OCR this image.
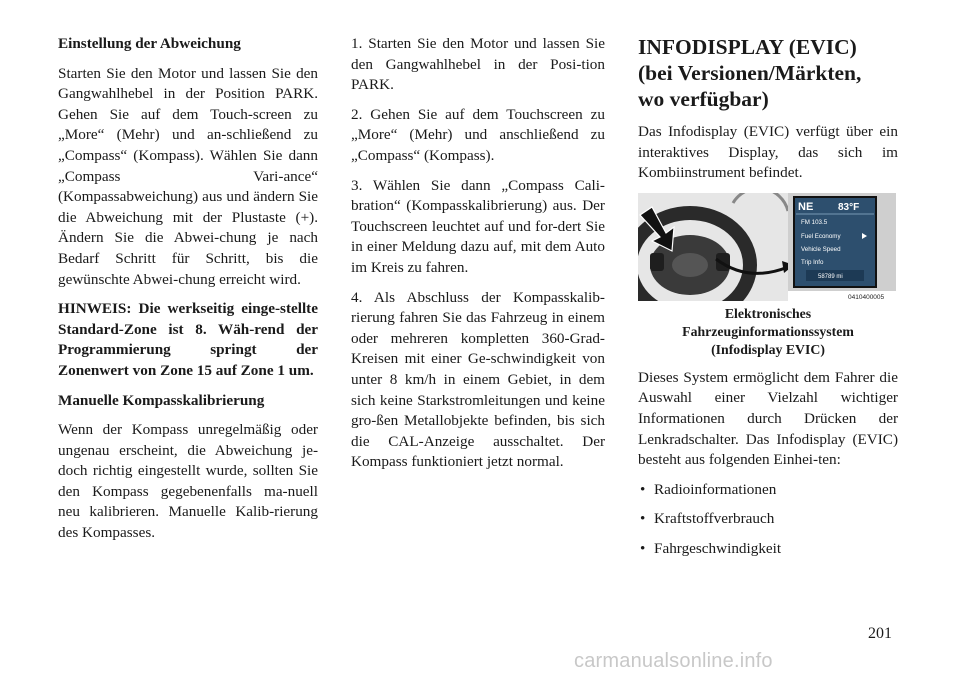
Einstellung der Abweichung

Starten Sie den Motor und lassen Sie den Gangwahlhebel in der Position PARK. Gehen Sie auf dem Touch-screen zu „More“ (Mehr) und an-schließend zu „Compass“ (Kompass). Wählen Sie dann „Compass Vari-ance“ (Kompassabweichung) aus und ändern Sie die Abweichung mit der Plustaste (+). Ändern Sie die Abwei-chung je nach Bedarf Schritt für Schritt, bis die gewünschte Abwei-chung erreicht wird.

HINWEIS: Die werkseitig einge-stellte Standard-Zone ist 8. Wäh-rend der Programmierung springt der Zonenwert von Zone 15 auf Zone 1 um.

Manuelle Kompasskalibrierung

Wenn der Kompass unregelmäßig oder ungenau erscheint, die Abweichung je-doch richtig eingestellt wurde, sollten Sie den Kompass gegebenenfalls ma-nuell neu kalibrieren. Manuelle Kalib-rierung des Kompasses.

1. Starten Sie den Motor und lassen Sie den Gangwahlhebel in der Posi-tion PARK.

2. Gehen Sie auf dem Touchscreen zu „More“ (Mehr) und anschließend zu „Compass“ (Kompass).

3. Wählen Sie dann „Compass Cali-bration“ (Kompasskalibrierung) aus. Der Touchscreen leuchtet auf und for-dert Sie in einer Meldung dazu auf, mit dem Auto im Kreis zu fahren.

4. Als Abschluss der Kompasskalib-rierung fahren Sie das Fahrzeug in einem oder mehreren kompletten 360-Grad-Kreisen mit einer Ge-schwindigkeit von unter 8 km/h in einem Gebiet, in dem sich keine Starkstromleitungen und keine gro-ßen Metallobjekte befinden, bis sich die CAL-Anzeige ausschaltet. Der Kompass funktioniert jetzt normal.

INFODISPLAY (EVIC)
(bei Versionen/Märkten,
wo verfügbar)

Das Infodisplay (EVIC) verfügt über ein interaktives Display, das sich im Kombiinstrument befindet.

NE 83°F
FM 103.5
Fuel Economy
Vehicle Speed
Trip Info
58789 mi
0410400005
Elektronisches
Fahrzeuginformationssystem
(Infodisplay EVIC)

Dieses System ermöglicht dem Fahrer die Auswahl einer Vielzahl wichtiger Informationen durch Drücken der Lenkradschalter. Das Infodisplay (EVIC) besteht aus folgenden Einhei-ten:

• Radioinformationen
• Kraftstoffverbrauch
• Fahrgeschwindigkeit
201
carmanualsonline.info
